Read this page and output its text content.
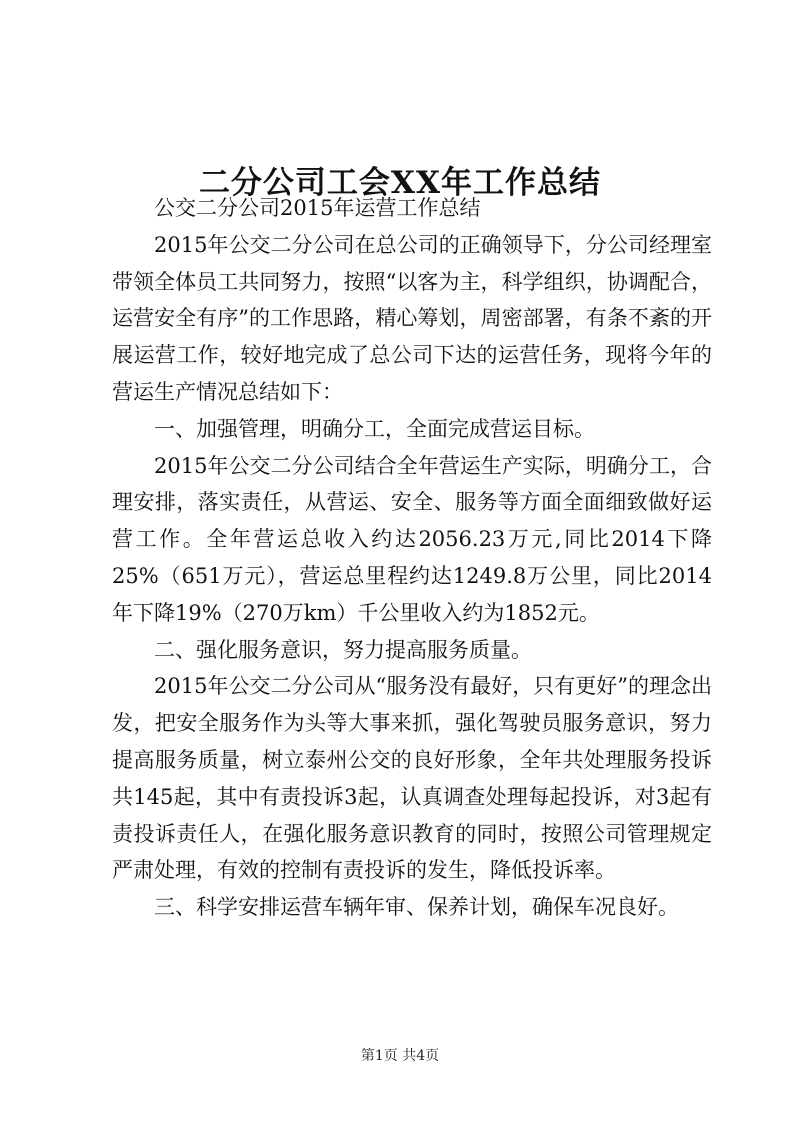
二分公司工会XX年工作总结

公交二分公司2015年运营工作总结

2015年公交二分公司在总公司的正确领导下，分公司经理室带领全体员工共同努力，按照“以客为主，科学组织，协调配合，运营安全有序”的工作思路，精心筹划，周密部署，有条不紊的开展运营工作，较好地完成了总公司下达的运营任务，现将今年的营运生产情况总结如下：

一、加强管理，明确分工，全面完成营运目标。

2015年公交二分公司结合全年营运生产实际，明确分工，合理安排，落实责任，从营运、安全、服务等方面全面细致做好运营工作。全年营运总收入约达2056.23万元,同比2014下降25%（651万元），营运总里程约达1249.8万公里，同比2014年下降19%（270万km）千公里收入约为1852元。

二、强化服务意识，努力提高服务质量。

2015年公交二分公司从“服务没有最好，只有更好”的理念出发，把安全服务作为头等大事来抓，强化驾驶员服务意识，努力提高服务质量，树立泰州公交的良好形象，全年共处理服务投诉共145起，其中有责投诉3起，认真调查处理每起投诉，对3起有责投诉责任人，在强化服务意识教育的同时，按照公司管理规定严肃处理，有效的控制有责投诉的发生，降低投诉率。

三、科学安排运营车辆年审、保养计划，确保车况良好。

第1页 共4页
